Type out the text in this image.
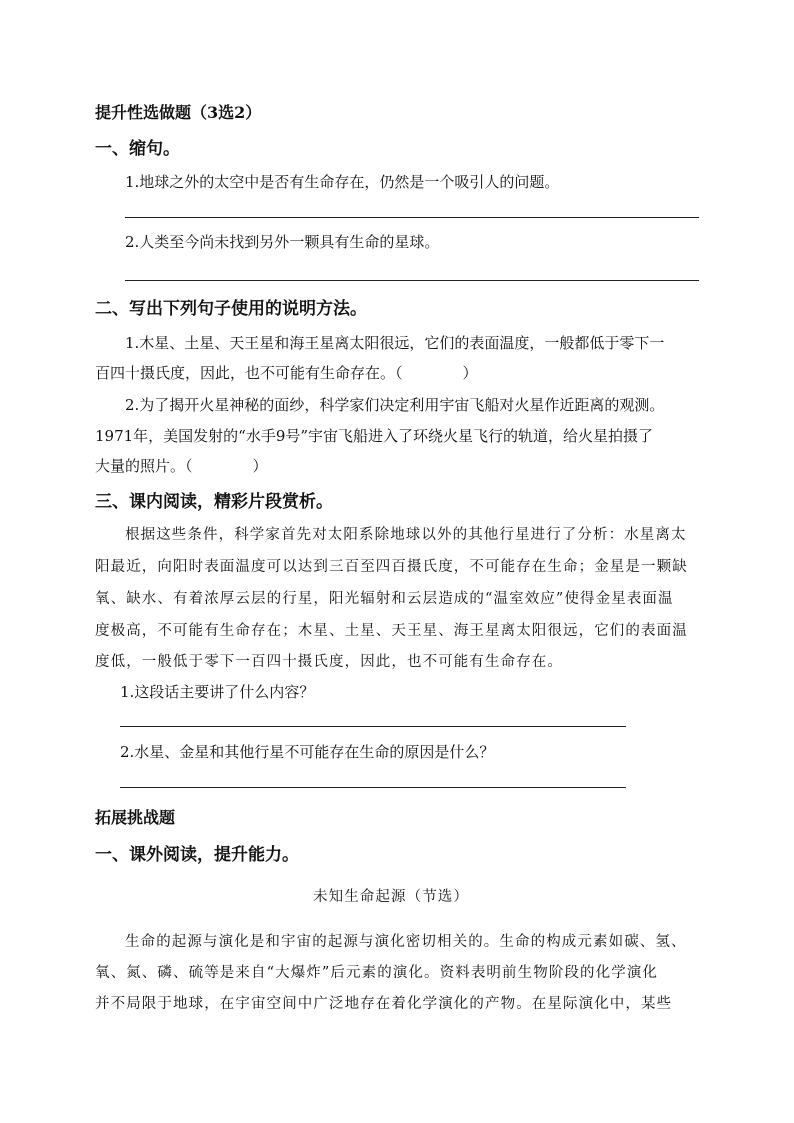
提升性选做题（3选2）
一、缩句。
1.地球之外的太空中是否有生命存在，仍然是一个吸引人的问题。
2.人类至今尚未找到另外一颗具有生命的星球。
二、写出下列句子使用的说明方法。
1.木星、土星、天王星和海王星离太阳很远，它们的表面温度，一般都低于零下一
百四十摄氏度，因此，也不可能有生命存在。（　　　　）
2.为了揭开火星神秘的面纱，科学家们决定利用宇宙飞船对火星作近距离的观测。
1971年，美国发射的“水手9号”宇宙飞船进入了环绕火星飞行的轨道，给火星拍摄了
大量的照片。（　　　　）
三、课内阅读，精彩片段赏析。
根据这些条件，科学家首先对太阳系除地球以外的其他行星进行了分析：水星离太
阳最近，向阳时表面温度可以达到三百至四百摄氏度，不可能存在生命；金星是一颗缺
氧、缺水、有着浓厚云层的行星，阳光辐射和云层造成的“温室效应”使得金星表面温
度极高，不可能有生命存在；木星、土星、天王星、海王星离太阳很远，它们的表面温
度低，一般低于零下一百四十摄氏度，因此，也不可能有生命存在。
1.这段话主要讲了什么内容？
2.水星、金星和其他行星不可能存在生命的原因是什么？
拓展挑战题
一、课外阅读，提升能力。
未知生命起源（节选）
生命的起源与演化是和宇宙的起源与演化密切相关的。生命的构成元素如碳、氢、
氧、氮、磷、硫等是来自“大爆炸”后元素的演化。资料表明前生物阶段的化学演化
并不局限于地球，在宇宙空间中广泛地存在着化学演化的产物。在星际演化中，某些
